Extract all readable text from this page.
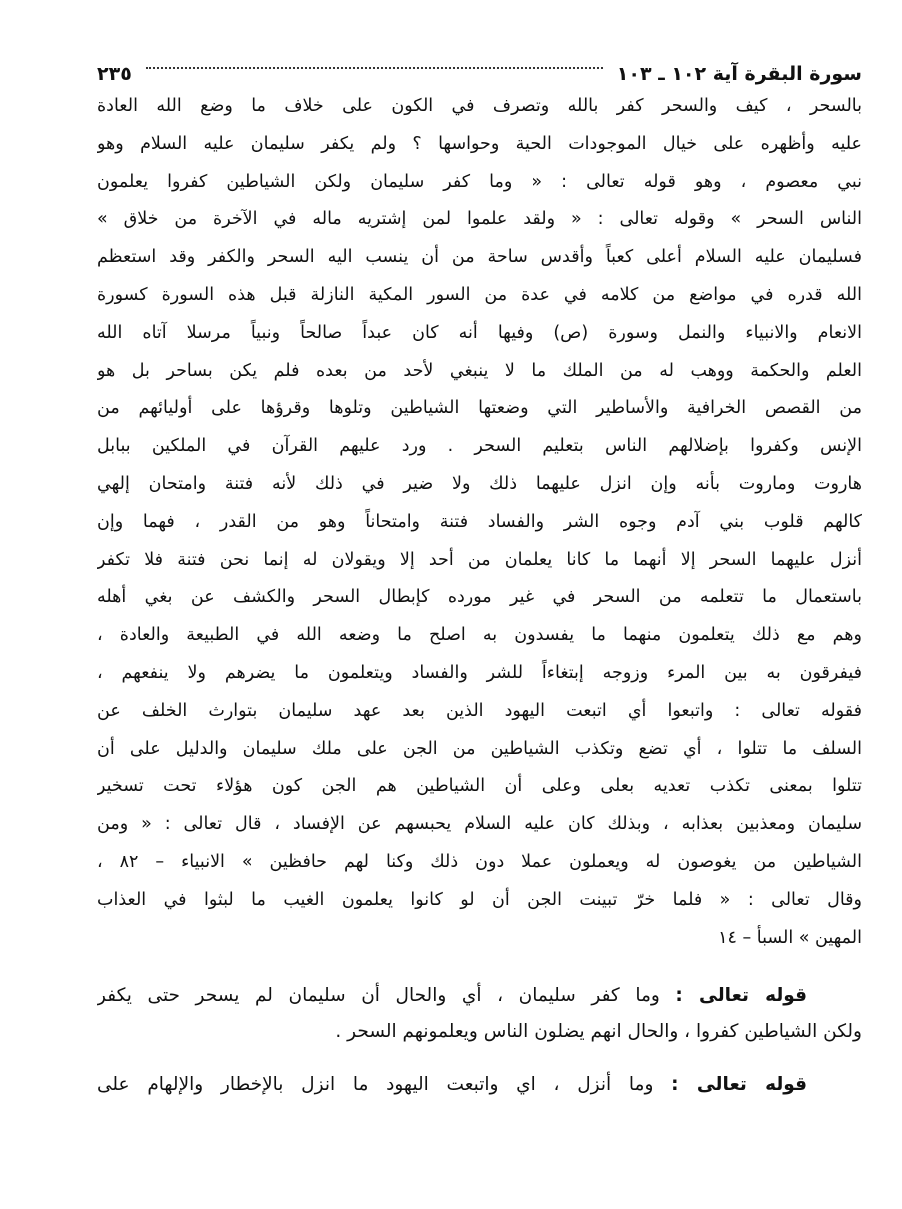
سورة البقرة آية ١٠٢ ـ ١٠٣
٢٣٥
بالسحر ، كيف والسحر كفر بالله وتصرف في الكون على خلاف ما وضع الله العادة
عليه وأظهره على خيال الموجودات الحية وحواسها ؟ ولم يكفر سليمان عليه السلام وهو
نبي معصوم ، وهو قوله تعالى : « وما كفر سليمان ولكن الشياطين كفروا يعلمون
الناس السحر » وقوله تعالى : « ولقد علموا لمن إشتريه ماله في الآخرة من خلاق »
فسليمان عليه السلام أعلى كعباً وأقدس ساحة من أن ينسب اليه السحر والكفر وقد استعظم
الله قدره في مواضع من كلامه في عدة من السور المكية النازلة قبل هذه السورة كسورة
الانعام والانبياء والنمل وسورة (ص) وفيها أنه كان عبداً صالحاً ونبياً مرسلا آتاه الله
العلم والحكمة ووهب له من الملك ما لا ينبغي لأحد من بعده فلم يكن بساحر بل هو
من القصص الخرافية والأساطير التي وضعتها الشياطين وتلوها وقرؤها على أوليائهم من
الإنس وكفروا بإضلالهم الناس بتعليم السحر . ورد عليهم القرآن في الملكين ببابل
هاروت وماروت بأنه وإن انزل عليهما ذلك ولا ضير في ذلك لأنه فتنة وامتحان إلهي
كالهم قلوب بني آدم وجوه الشر والفساد فتنة وامتحاناً وهو من القدر ، فهما وإن
أنزل عليهما السحر إلا أنهما ما كانا يعلمان من أحد إلا ويقولان له إنما نحن فتنة فلا تكفر
باستعمال ما تتعلمه من السحر في غير مورده كإبطال السحر والكشف عن بغي أهله
وهم مع ذلك يتعلمون منهما ما يفسدون به اصلح ما وضعه الله في الطبيعة والعادة ،
فيفرقون به بين المرء وزوجه إبتغاءاً للشر والفساد ويتعلمون ما يضرهم ولا ينفعهم ،
فقوله تعالى : واتبعوا أي اتبعت اليهود الذين بعد عهد سليمان بتوارث الخلف عن
السلف ما تتلوا ، أي تضع وتكذب الشياطين من الجن على ملك سليمان والدليل على أن
تتلوا بمعنى تكذب تعديه بعلى وعلى أن الشياطين هم الجن كون هؤلاء تحت تسخير
سليمان ومعذبين بعذابه ، وبذلك كان عليه السلام يحبسهم عن الإفساد ، قال تعالى : « ومن
الشياطين من يغوصون له ويعملون عملا دون ذلك وكنا لهم حافظين » الانبياء – ٨٢ ،
وقال تعالى : « فلما خرّ تبينت الجن أن لو كانوا يعلمون الغيب ما لبثوا في العذاب
المهين » السبأ – ١٤
قوله تعالى : وما كفر سليمان ، أي والحال أن سليمان لم يسحر حتى يكفر
ولكن الشياطين كفروا ، والحال انهم يضلون الناس ويعلمونهم السحر .
قوله تعالى : وما أنزل ، اي واتبعت اليهود ما انزل بالإخطار والإلهام على
